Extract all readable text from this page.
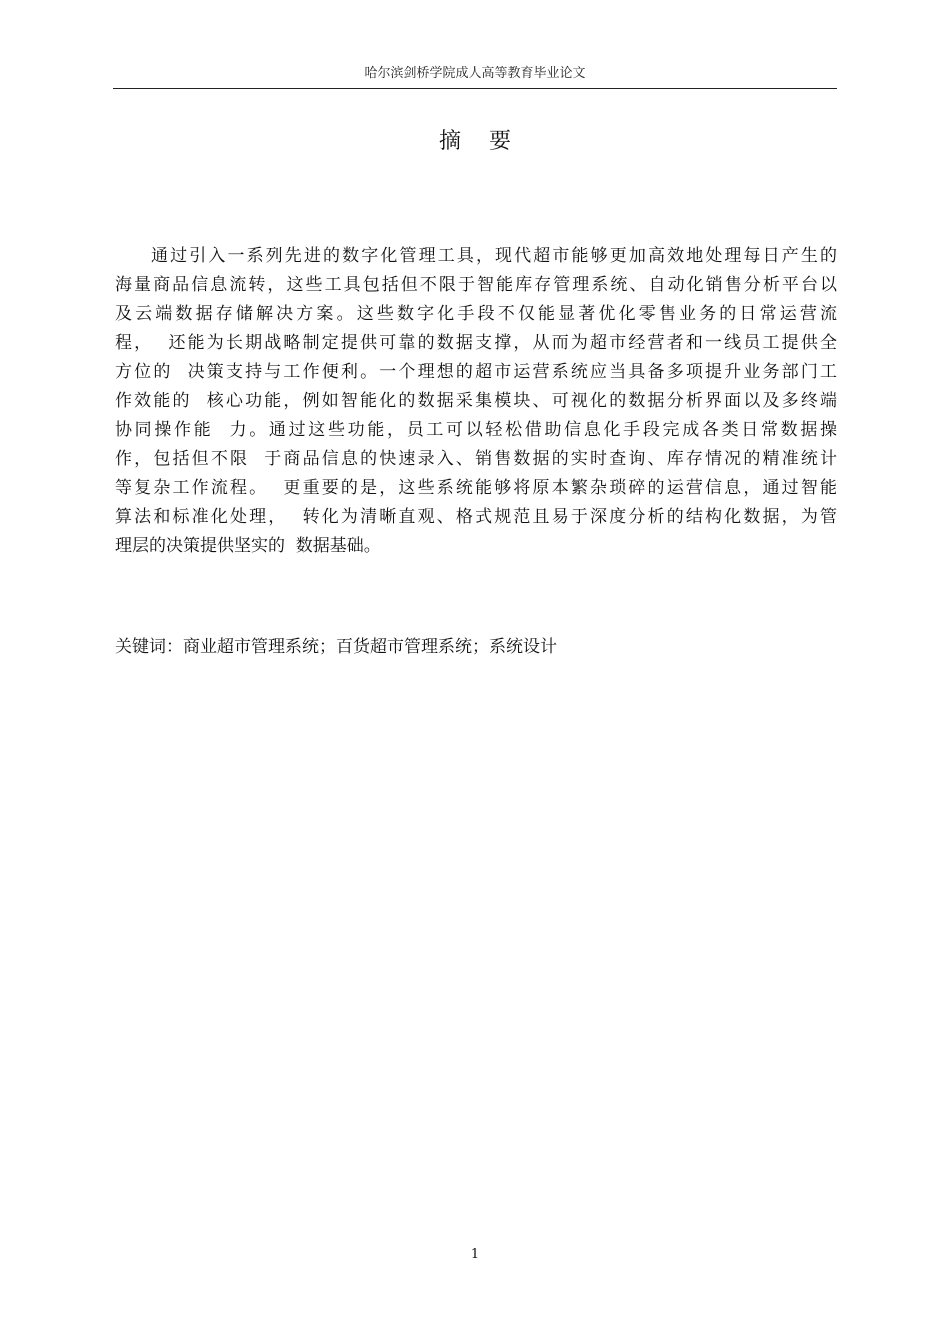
哈尔滨剑桥学院成人高等教育毕业论文
摘要
通过引入一系列先进的数字化管理工具，现代超市能够更加高效地处理每日产生的
海量商品信息流转，这些工具包括但不限于智能库存管理系统、自动化销售分析平台以
及云端数据存储解决方案。这些数字化手段不仅能显著优化零售业务的日常运营流
程，  还能为长期战略制定提供可靠的数据支撑，从而为超市经营者和一线员工提供全
方位的  决策支持与工作便利。一个理想的超市运营系统应当具备多项提升业务部门工
作效能的  核心功能，例如智能化的数据采集模块、可视化的数据分析界面以及多终端
协同操作能  力。通过这些功能，员工可以轻松借助信息化手段完成各类日常数据操
作，包括但不限  于商品信息的快速录入、销售数据的实时查询、库存情况的精准统计
等复杂工作流程。  更重要的是，这些系统能够将原本繁杂琐碎的运营信息，通过智能
算法和标准化处理，  转化为清晰直观、格式规范且易于深度分析的结构化数据，为管
理层的决策提供坚实的  数据基础。
关键词：商业超市管理系统；百货超市管理系统；系统设计
1
